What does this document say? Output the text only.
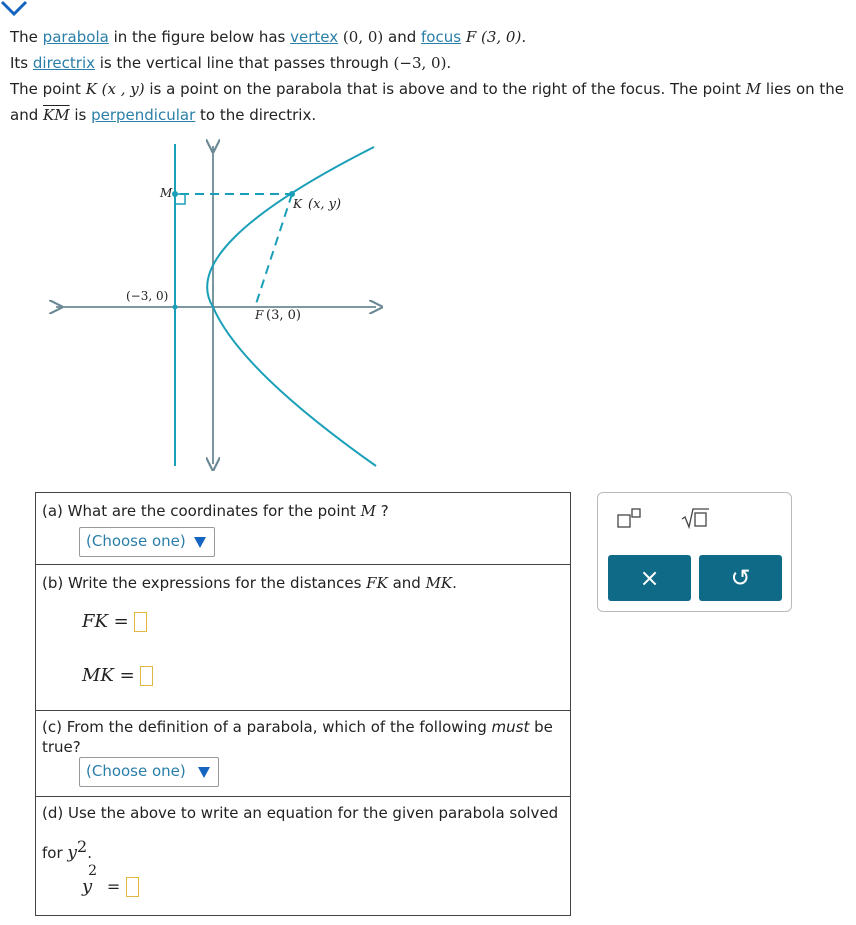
The parabola in the figure below has vertex (0, 0) and focus F (3, 0).

Its directrix is the vertical line that passes through (−3, 0).

The point K (x , y) is a point on the parabola that is above and to the right of the focus. The point M lies on the

and $\overline{KM}$ is perpendicular to the directrix.

M
K (x, y)
(−3, 0)
F (3, 0)
(a) What are the coordinates for the point M ?
(Choose one)
(b) Write the expressions for the distances FK and MK.
FK =
MK =
(c) From the definition of a parabola, which of the following must be
true?
(Choose one)
(d) Use the above to write an equation for the given parabola solved
for $y^2$.
$y^2$ =
×	↺
